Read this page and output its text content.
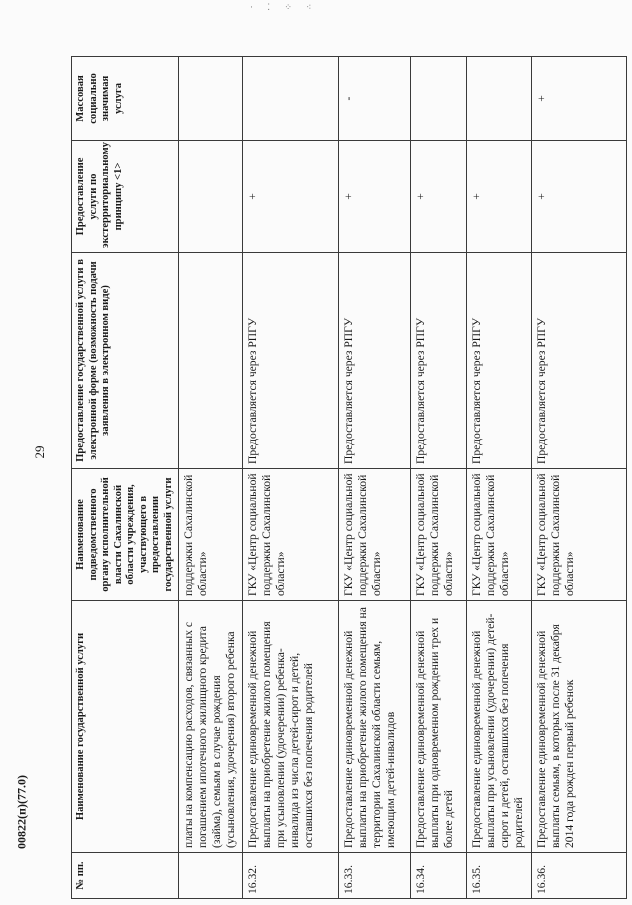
· ⁚ ⁘ ⁖
29
00822(п)(77.0)
№ пп.	Наименование государственной услуги	Наименование подведомственного органу исполнительной власти Сахалинской области учреждения, участвующего в предоставлении государственной услуги	Предоставление государственной услуги в электронной форме (возможность подачи заявления в электронном виде)	Предоставление услуги по экстерриториальному принципу <1>	Массовая социально значимая услуга
	платы на компенсацию расходов, связанных с погашением ипотечного жилищного кредита (займа), семьям в случае рождения (усыновления, удочерения) второго ребенка	поддержки Сахалинской области»			
16.32.	Предоставление единовременной денежной выплаты на приобретение жилого помещения при усыновлении (удочерении) ребенка-инвалида из числа детей-сирот и детей, оставшихся без попечения родителей	ГКУ «Центр социальной поддержки Сахалинской области»	Предоставляется через РПГУ	+	
16.33.	Предоставление единовременной денежной выплаты на приобретение жилого помещения на территории Сахалинской области семьям, имеющим детей-инвалидов	ГКУ «Центр социальной поддержки Сахалинской области»	Предоставляется через РПГУ	+	-
16.34.	Предоставление единовременной денежной выплаты при одновременном рождении трех и более детей	ГКУ «Центр социальной поддержки Сахалинской области»	Предоставляется через РПГУ	+	
16.35.	Предоставление единовременной денежной выплаты при усыновлении (удочерении) детей-сирот и детей, оставшихся без попечения родителей	ГКУ «Центр социальной поддержки Сахалинской области»	Предоставляется через РПГУ	+	
16.36.	Предоставление единовременной денежной выплаты семьям, в которых после 31 декабря 2014 года рожден первый ребенок	ГКУ «Центр социальной поддержки Сахалинской области»	Предоставляется через РПГУ	+	+
